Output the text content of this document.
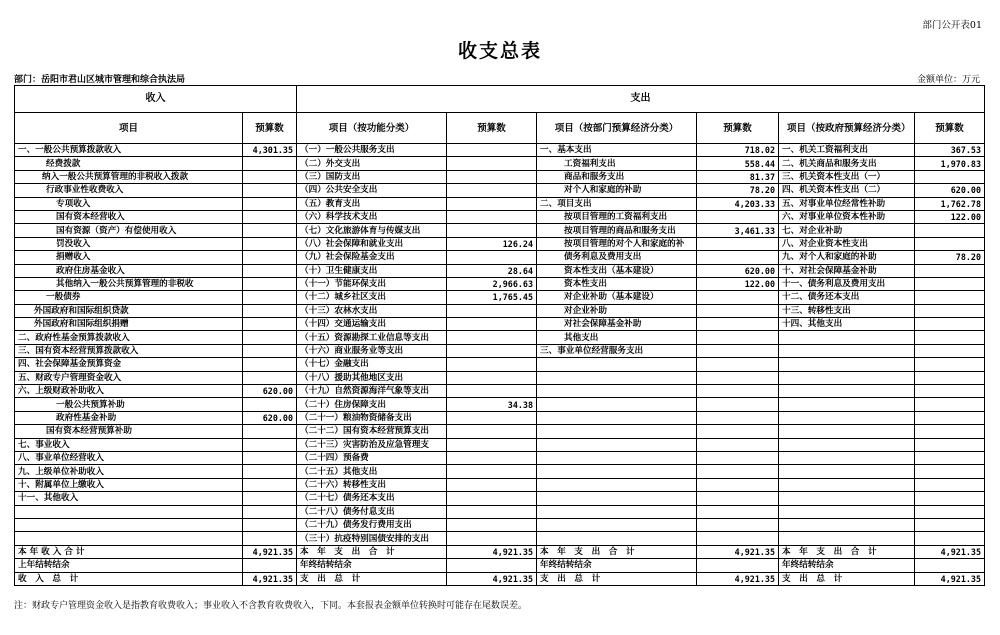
部门公开表01
收支总表
部门：岳阳市君山区城市管理和综合执法局	金额单位：万元
收入		支出					
项目	预算数	项目（按功能分类）	预算数	项目（按部门预算经济分类）	预算数	项目（按政府预算经济分类）	预算数
一、一般公共预算拨款收入	4,301.35	（一）一般公共服务支出		一、基本支出	718.02	一、机关工资福利支出	367.53
经费拨款		（二）外交支出		工资福利支出	558.44	二、机关商品和服务支出	1,970.83
纳入一般公共预算管理的非税收入拨款		（三）国防支出		商品和服务支出	81.37	三、机关资本性支出（一）	
行政事业性收费收入		（四）公共安全支出		对个人和家庭的补助	78.20	四、机关资本性支出（二）	620.00
专项收入		（五）教育支出		二、项目支出	4,203.33	五、对事业单位经常性补助	1,762.78
国有资本经营收入		（六）科学技术支出		按项目管理的工资福利支出		六、对事业单位资本性补助	122.00
国有资源（资产）有偿使用收入		（七）文化旅游体育与传媒支出		按项目管理的商品和服务支出	3,461.33	七、对企业补助	
罚没收入		（八）社会保障和就业支出	126.24	按项目管理的对个人和家庭的补		八、对企业资本性支出	
捐赠收入		（九）社会保险基金支出		债务利息及费用支出		九、对个人和家庭的补助	78.20
政府住房基金收入		（十）卫生健康支出	28.64	资本性支出（基本建设）	620.00	十、对社会保障基金补助	
其他纳入一般公共预算管理的非税收		（十一）节能环保支出	2,966.63	资本性支出	122.00	十一、债务利息及费用支出	
一般债券		（十二）城乡社区支出	1,765.45	对企业补助（基本建设）		十二、债务还本支出	
外国政府和国际组织贷款		（十三）农林水支出		对企业补助		十三、转移性支出	
外国政府和国际组织捐赠		（十四）交通运输支出		对社会保障基金补助		十四、其他支出	
二、政府性基金预算拨款收入		（十五）资源勘探工业信息等支出		其他支出			
三、国有资本经营预算拨款收入		（十六）商业服务业等支出		三、事业单位经营服务支出			
四、社会保障基金预算资金		（十七）金融支出					
五、财政专户管理资金收入		（十八）援助其他地区支出					
六、上级财政补助收入	620.00	（十九）自然资源海洋气象等支出					
一般公共预算补助		（二十）住房保障支出	34.38				
政府性基金补助	620.00	（二十一）粮油物资储备支出					
国有资本经营预算补助		（二十二）国有资本经营预算支出					
七、事业收入		（二十三）灾害防治及应急管理支					
八、事业单位经营收入		（二十四）预备费					
九、上级单位补助收入		（二十五）其他支出					
十、附属单位上缴收入		（二十六）转移性支出					
十一、其他收入		（二十七）债务还本支出					
		（二十八）债务付息支出					
		（二十九）债务发行费用支出					
		（三十）抗疫特别国债安排的支出					
本 年 收 入 合 计	4,921.35	本　年　支　出　合　计	4,921.35	本　年　支　出　合　计	4,921.35	本　年　支　出　合　计	4,921.35
上年结转结余		年终结转结余		年终结转结余		年终结转结余	
收　入　总　计	4,921.35	支　出　总　计	4,921.35	支　出　总　计	4,921.35	支　出　总　计	4,921.35
注：财政专户管理资金收入是指教育收费收入；事业收入不含教育收费收入，下同。本套报表金额单位转换时可能存在尾数误差。
